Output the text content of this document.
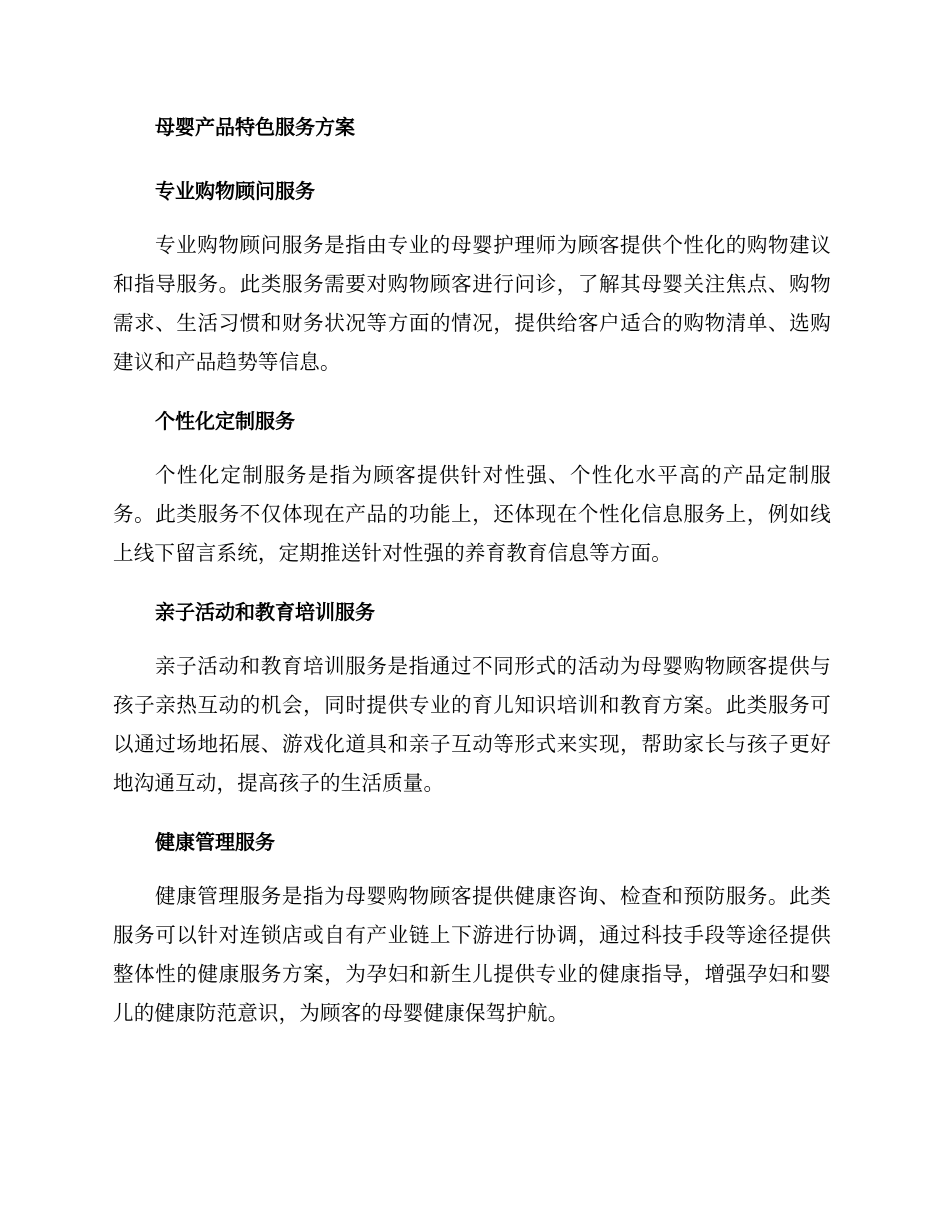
母婴产品特色服务方案
专业购物顾问服务

专业购物顾问服务是指由专业的母婴护理师为顾客提供个性化的购物建议和指导服务。此类服务需要对购物顾客进行问诊，了解其母婴关注焦点、购物需求、生活习惯和财务状况等方面的情况，提供给客户适合的购物清单、选购建议和产品趋势等信息。

个性化定制服务

个性化定制服务是指为顾客提供针对性强、个性化水平高的产品定制服务。此类服务不仅体现在产品的功能上，还体现在个性化信息服务上，例如线上线下留言系统，定期推送针对性强的养育教育信息等方面。

亲子活动和教育培训服务

亲子活动和教育培训服务是指通过不同形式的活动为母婴购物顾客提供与孩子亲热互动的机会，同时提供专业的育儿知识培训和教育方案。此类服务可以通过场地拓展、游戏化道具和亲子互动等形式来实现，帮助家长与孩子更好地沟通互动，提高孩子的生活质量。

健康管理服务

健康管理服务是指为母婴购物顾客提供健康咨询、检查和预防服务。此类服务可以针对连锁店或自有产业链上下游进行协调，通过科技手段等途径提供整体性的健康服务方案，为孕妇和新生儿提供专业的健康指导，增强孕妇和婴儿的健康防范意识，为顾客的母婴健康保驾护航。
